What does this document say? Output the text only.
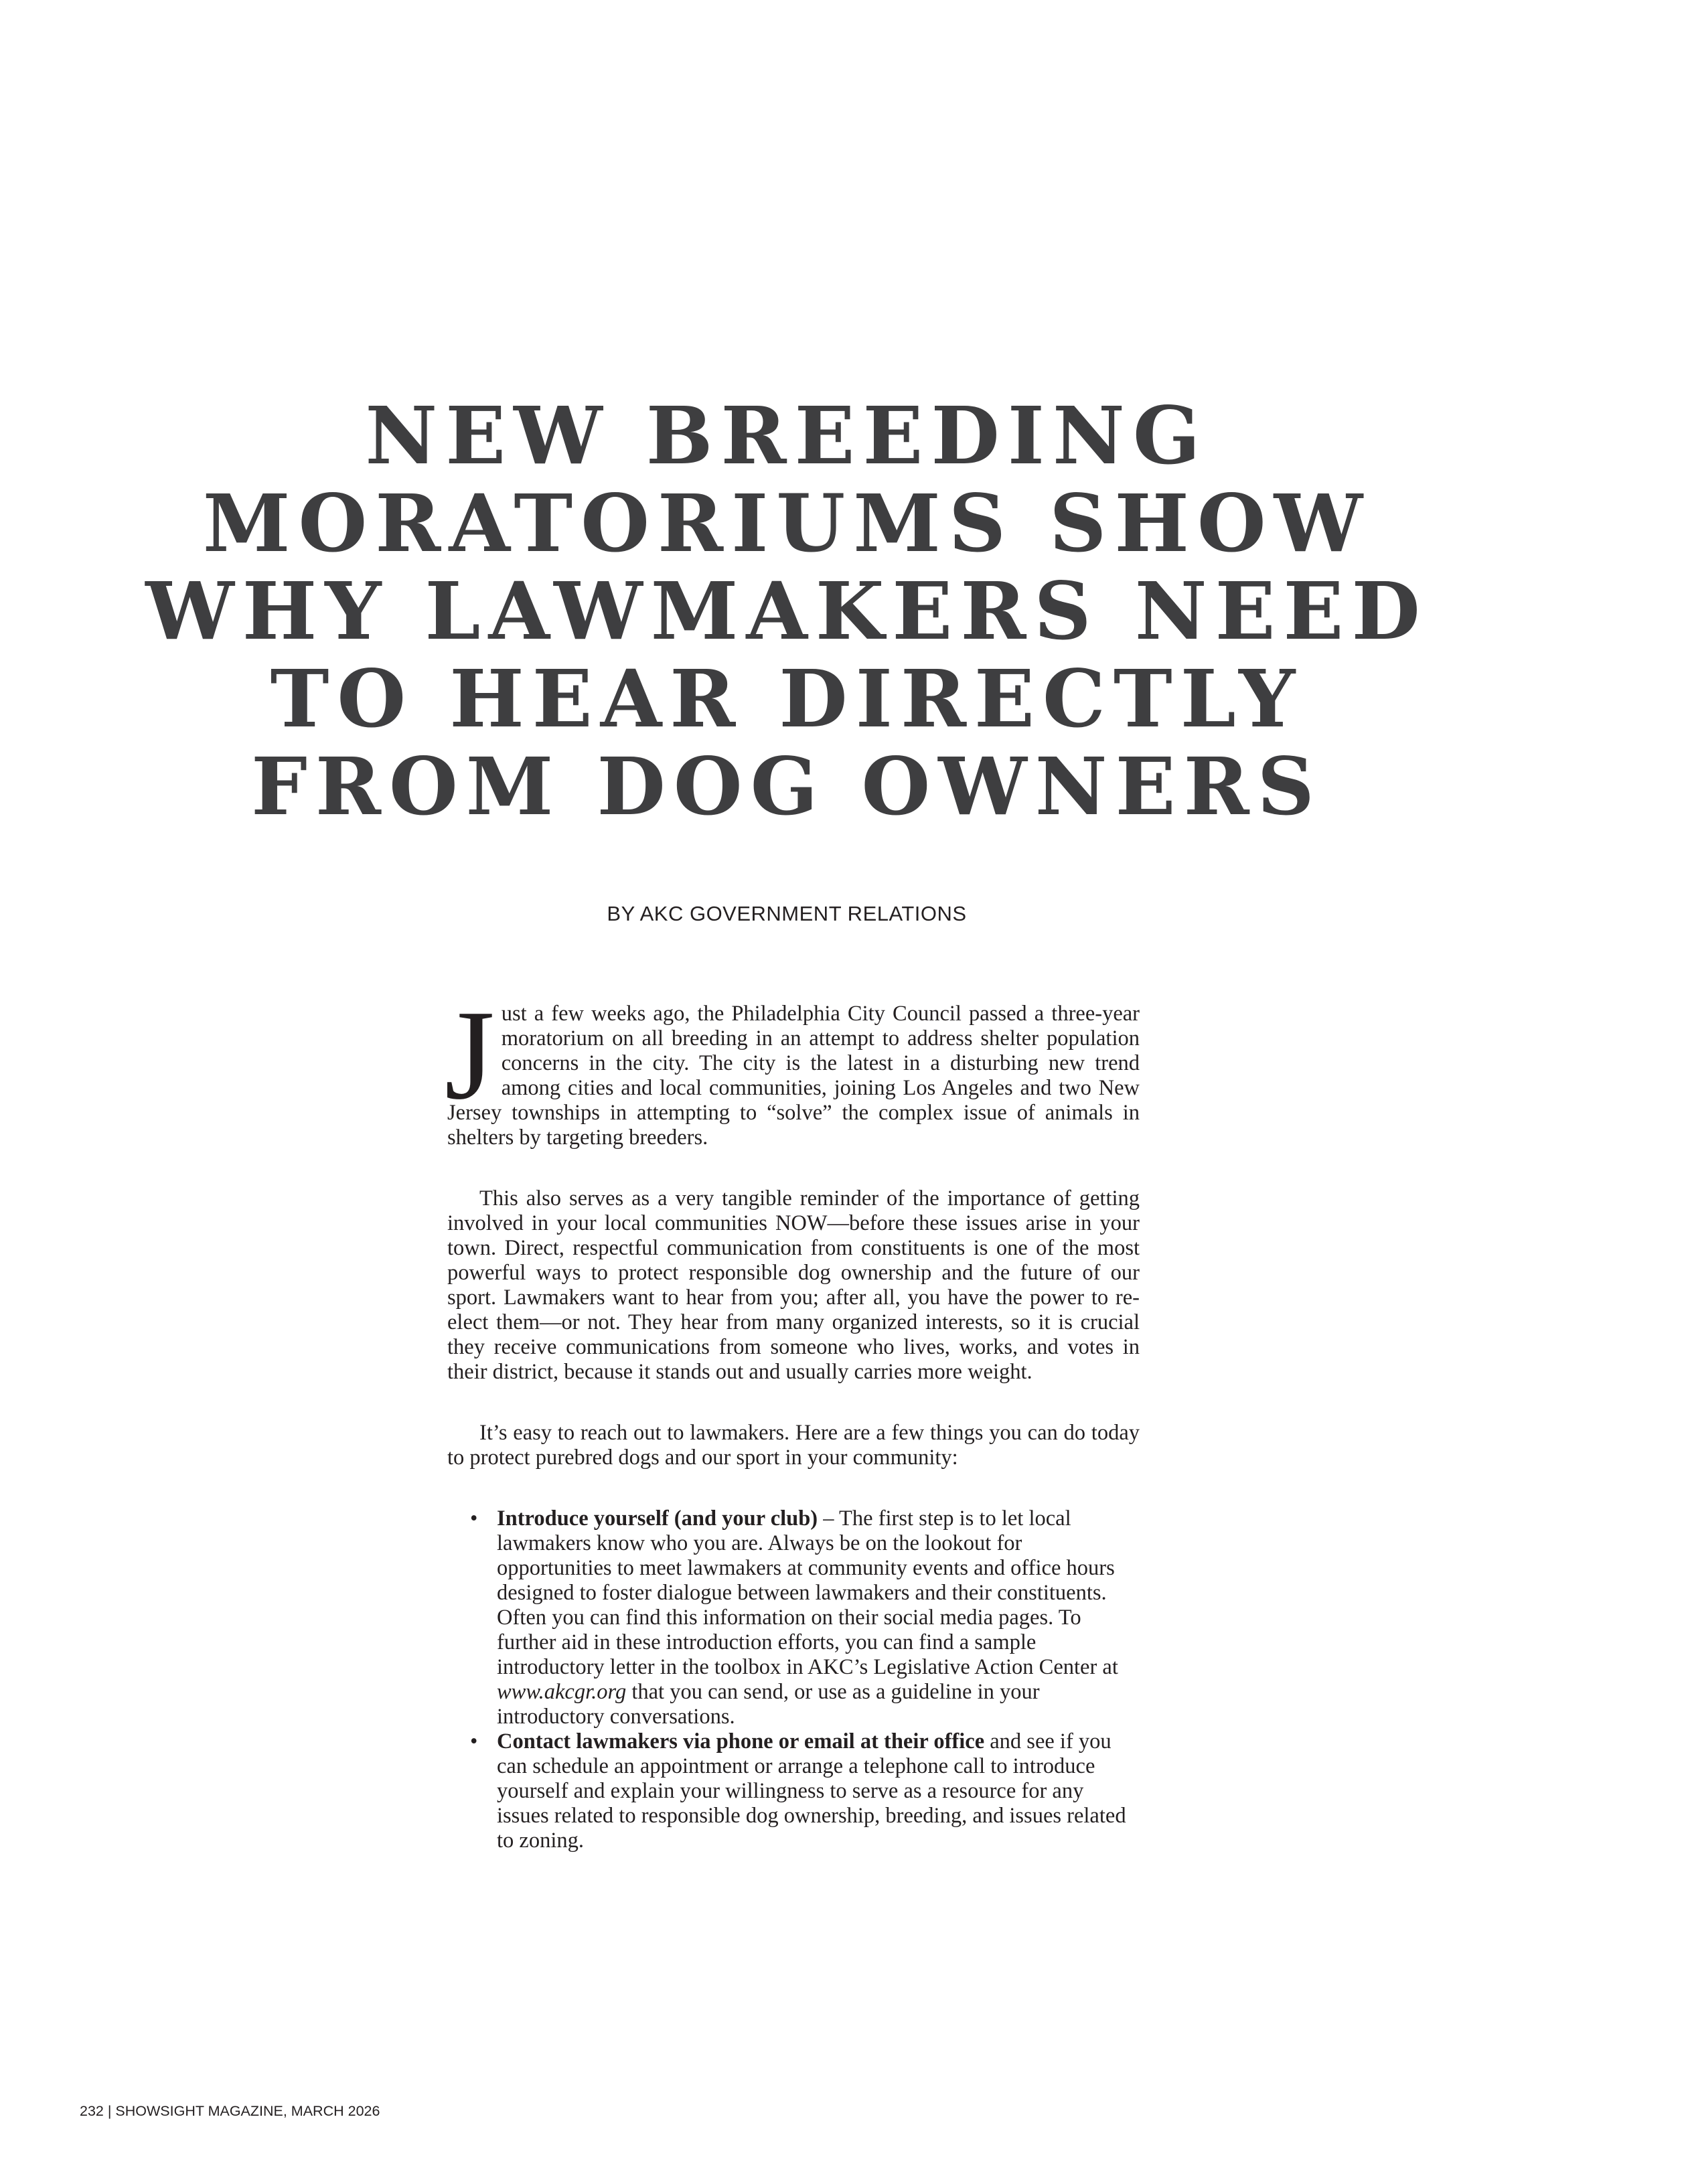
NEW BREEDING
MORATORIUMS SHOW
WHY LAWMAKERS NEED
TO HEAR DIRECTLY
FROM DOG OWNERS
BY AKC GOVERNMENT RELATIONS

Just a few weeks ago, the Philadelphia City Council passed a three-year moratorium on all breeding in an attempt to address shelter population concerns in the city. The city is the latest in a disturbing new trend among cities and local communities, joining Los Angeles and two New Jersey townships in attempting to “solve” the complex issue of animals in shelters by targeting breeders.

This also serves as a very tangible reminder of the importance of getting involved in your local communities NOW—before these issues arise in your town. Direct, respectful communication from constituents is one of the most powerful ways to protect responsible dog ownership and the future of our sport. Lawmakers want to hear from you; after all, you have the power to re-elect them—or not. They hear from many organized interests, so it is crucial they receive communications from someone who lives, works, and votes in their district, because it stands out and usually carries more weight.

It’s easy to reach out to lawmakers. Here are a few things you can do today to protect purebred dogs and our sport in your community:

• Introduce yourself (and your club) – The first step is to let local lawmakers know who you are. Always be on the lookout for opportunities to meet lawmakers at community events and office hours designed to foster dialogue between lawmakers and their constituents. Often you can find this information on their social media pages. To further aid in these introduction efforts, you can find a sample introductory letter in the toolbox in AKC’s Legislative Action Center at www.akcgr.org that you can send, or use as a guideline in your introductory conversations.
• Contact lawmakers via phone or email at their office and see if you can schedule an appointment or arrange a telephone call to introduce yourself and explain your willingness to serve as a resource for any issues related to responsible dog ownership, breeding, and issues related to zoning.
232 | SHOWSIGHT MAGAZINE, MARCH 2026
